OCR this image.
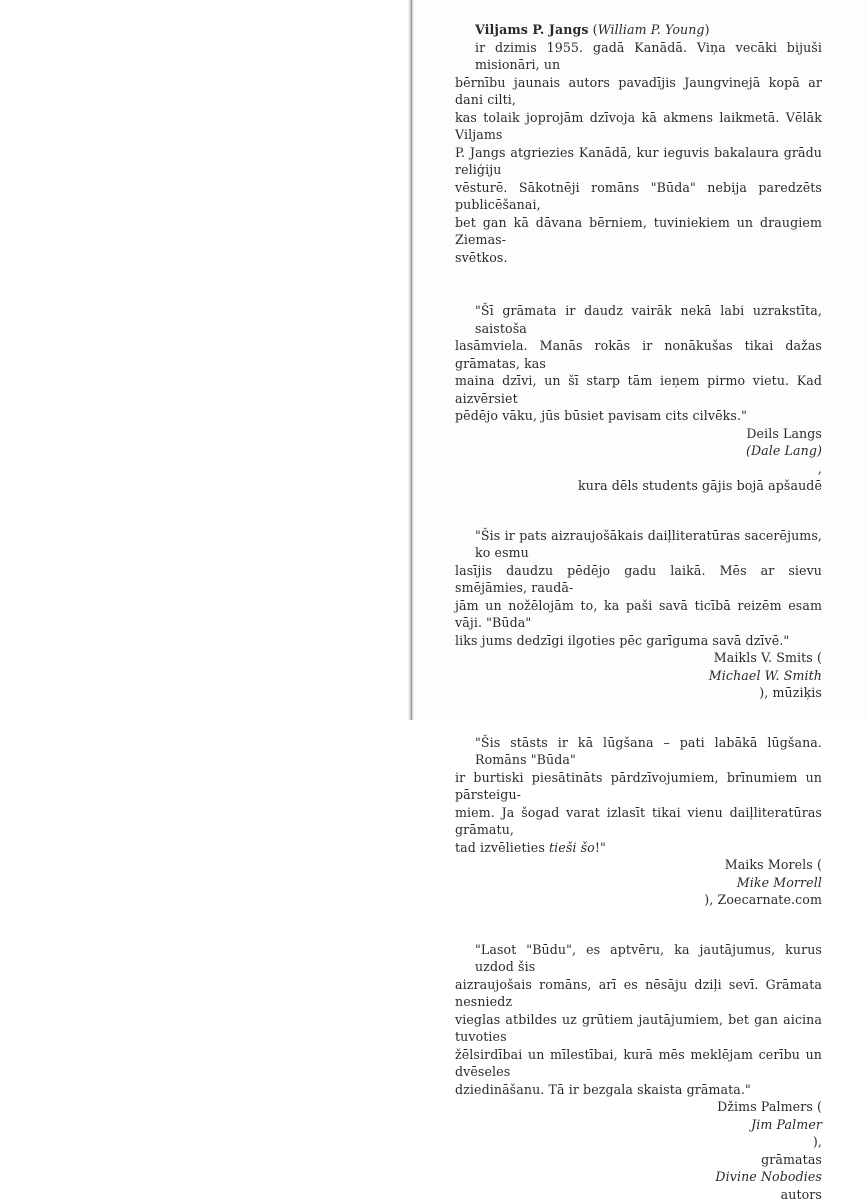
Viljams P. Jangs (William P. Young)
ir dzimis 1955. gadā Kanādā. Viņa vecāki bijuši misionāri, un
bērnību jaunais autors pavadījis Jaungvinejā kopā ar dani cilti,
kas tolaik joprojām dzīvoja kā akmens laikmetā. Vēlāk Viljams
P. Jangs atgriezies Kanādā, kur ieguvis bakalaura grādu reliģiju
vēsturē. Sākotnēji romāns "Būda" nebija paredzēts publicēšanai,
bet gan kā dāvana bērniem, tuviniekiem un draugiem Ziemas-
svētkos.
"Šī grāmata ir daudz vairāk nekā labi uzrakstīta, saistoša
lasāmviela. Manās rokās ir nonākušas tikai dažas grāmatas, kas
maina dzīvi, un šī starp tām ieņem pirmo vietu. Kad aizvērsiet
pēdējo vāku, jūs būsiet pavisam cits cilvēks."
Deils Langs
(Dale Lang)
,
kura dēls students gājis bojā apšaudē
"Šis ir pats aizraujošākais daiļliteratūras sacerējums, ko esmu
lasījis daudzu pēdējo gadu laikā. Mēs ar sievu smējāmies, raudā-
jām un nožēlojām to, ka paši savā ticībā reizēm esam vāji. "Būda"
liks jums dedzīgi ilgoties pēc garīguma savā dzīvē."
Maikls V. Smits (
Michael W. Smith
), mūziķis
"Šis stāsts ir kā lūgšana – pati labākā lūgšana. Romāns "Būda"
ir burtiski piesātināts pārdzīvojumiem, brīnumiem un pārsteigu-
miem. Ja šogad varat izlasīt tikai vienu daiļliteratūras grāmatu,
tad izvēlieties tieši šo!"
Maiks Morels (
Mike Morrell
), Zoecarnate.com
"Lasot "Būdu", es aptvēru, ka jautājumus, kurus uzdod šis
aizraujošais romāns, arī es nēsāju dziļi sevī. Grāmata nesniedz
vieglas atbildes uz grūtiem jautājumiem, bet gan aicina tuvoties
žēlsirdībai un mīlestībai, kurā mēs meklējam cerību un dvēseles
dziedināšanu. Tā ir bezgala skaista grāmata."
Džims Palmers (
Jim Palmer
),
grāmatas
Divine Nobodies
autors
